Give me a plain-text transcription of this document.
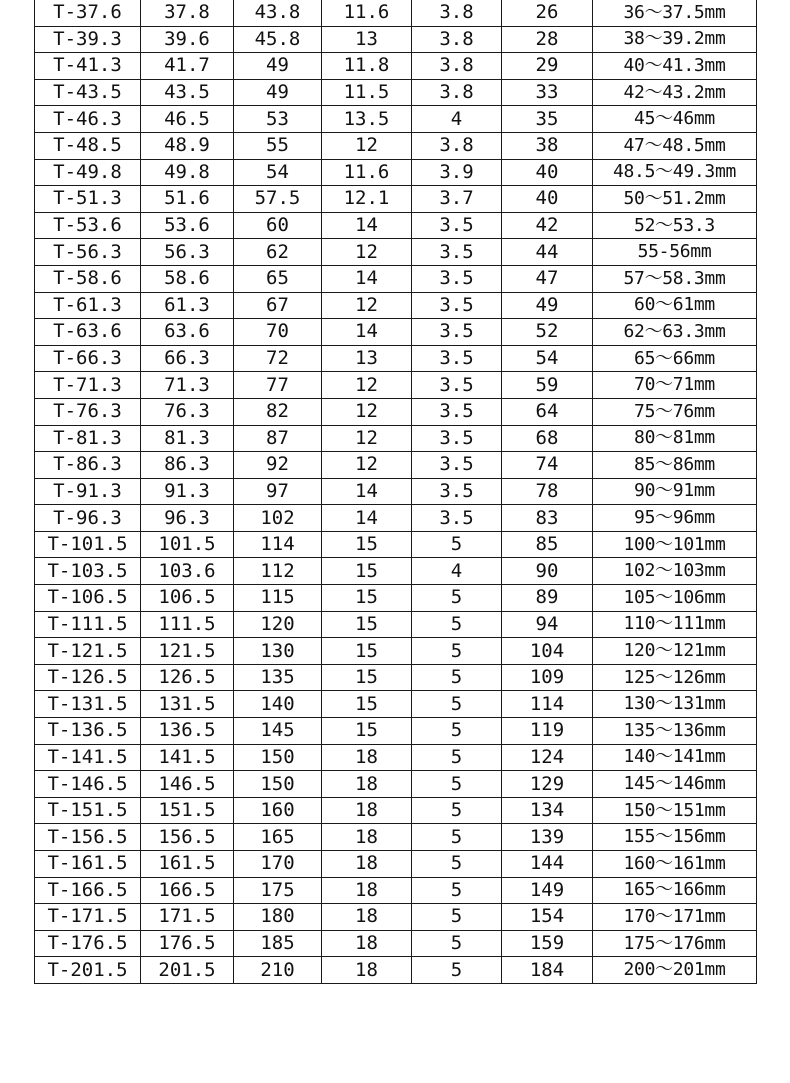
T-37.6	37.8	43.8	11.6	3.8	26	36～37.5mm
T-39.3	39.6	45.8	13	3.8	28	38～39.2mm
T-41.3	41.7	49	11.8	3.8	29	40～41.3mm
T-43.5	43.5	49	11.5	3.8	33	42～43.2mm
T-46.3	46.5	53	13.5	4	35	45～46mm
T-48.5	48.9	55	12	3.8	38	47～48.5mm
T-49.8	49.8	54	11.6	3.9	40	48.5～49.3mm
T-51.3	51.6	57.5	12.1	3.7	40	50～51.2mm
T-53.6	53.6	60	14	3.5	42	52～53.3
T-56.3	56.3	62	12	3.5	44	55-56mm
T-58.6	58.6	65	14	3.5	47	57～58.3mm
T-61.3	61.3	67	12	3.5	49	60～61mm
T-63.6	63.6	70	14	3.5	52	62～63.3mm
T-66.3	66.3	72	13	3.5	54	65～66mm
T-71.3	71.3	77	12	3.5	59	70～71mm
T-76.3	76.3	82	12	3.5	64	75～76mm
T-81.3	81.3	87	12	3.5	68	80～81mm
T-86.3	86.3	92	12	3.5	74	85～86mm
T-91.3	91.3	97	14	3.5	78	90～91mm
T-96.3	96.3	102	14	3.5	83	95～96mm
T-101.5	101.5	114	15	5	85	100～101mm
T-103.5	103.6	112	15	4	90	102～103mm
T-106.5	106.5	115	15	5	89	105～106mm
T-111.5	111.5	120	15	5	94	110～111mm
T-121.5	121.5	130	15	5	104	120～121mm
T-126.5	126.5	135	15	5	109	125～126mm
T-131.5	131.5	140	15	5	114	130～131mm
T-136.5	136.5	145	15	5	119	135～136mm
T-141.5	141.5	150	18	5	124	140～141mm
T-146.5	146.5	150	18	5	129	145～146mm
T-151.5	151.5	160	18	5	134	150～151mm
T-156.5	156.5	165	18	5	139	155～156mm
T-161.5	161.5	170	18	5	144	160～161mm
T-166.5	166.5	175	18	5	149	165～166mm
T-171.5	171.5	180	18	5	154	170～171mm
T-176.5	176.5	185	18	5	159	175～176mm
T-201.5	201.5	210	18	5	184	200～201mm
